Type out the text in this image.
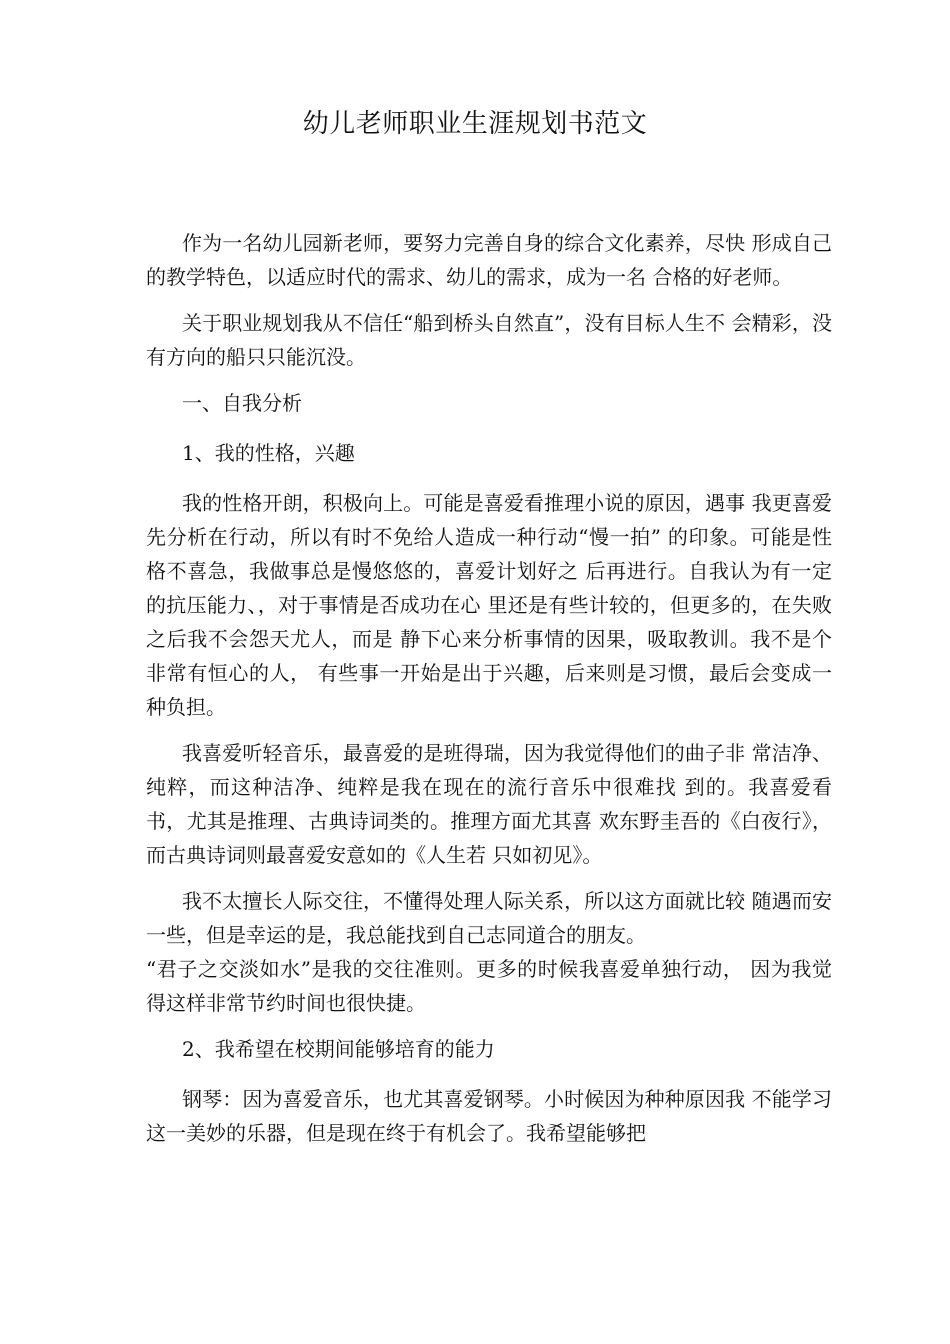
幼儿老师职业生涯规划书范文

作为一名幼儿园新老师，要努力完善自身的综合文化素养，尽快 形成自己的教学特色，以适应时代的需求、幼儿的需求，成为一名 合格的好老师。

关于职业规划我从不信任“船到桥头自然直”，没有目标人生不 会精彩，没有方向的船只只能沉没。

一、自我分析

1、我的性格，兴趣

我的性格开朗，积极向上。可能是喜爱看推理小说的原因，遇事 我更喜爱先分析在行动，所以有时不免给人造成一种行动“慢一拍” 的印象。可能是性格不喜急，我做事总是慢悠悠的，喜爱计划好之 后再进行。自我认为有一定的抗压能力、，对于事情是否成功在心 里还是有些计较的，但更多的，在失败之后我不会怨天尤人，而是 静下心来分析事情的因果，吸取教训。我不是个非常有恒心的人， 有些事一开始是出于兴趣，后来则是习惯，最后会变成一种负担。

我喜爱听轻音乐，最喜爱的是班得瑞，因为我觉得他们的曲子非 常洁净、纯粹，而这种洁净、纯粹是我在现在的流行音乐中很难找 到的。我喜爱看书，尤其是推理、古典诗词类的。推理方面尤其喜 欢东野圭吾的《白夜行》，而古典诗词则最喜爱安意如的《人生若 只如初见》。

我不太擅长人际交往，不懂得处理人际关系，所以这方面就比较 随遇而安一些，但是幸运的是，我总能找到自己志同道合的朋友。

“君子之交淡如水”是我的交往准则。更多的时候我喜爱单独行动， 因为我觉得这样非常节约时间也很快捷。

2、我希望在校期间能够培育的能力

钢琴：因为喜爱音乐，也尤其喜爱钢琴。小时候因为种种原因我 不能学习这一美妙的乐器，但是现在终于有机会了。我希望能够把
